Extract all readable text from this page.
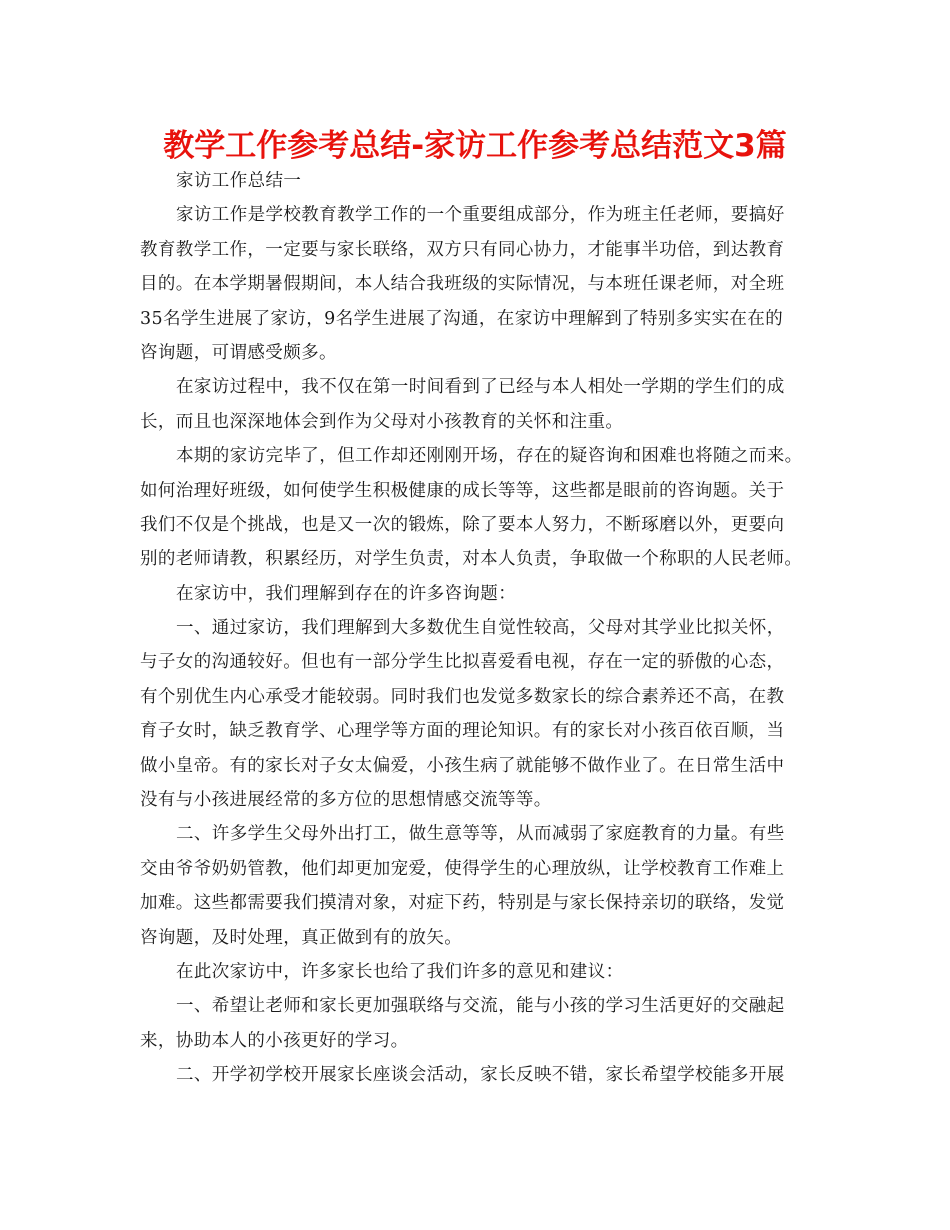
教学工作参考总结-家访工作参考总结范文3篇
家访工作总结一
家访工作是学校教育教学工作的一个重要组成部分，作为班主任老师，要搞好
教育教学工作，一定要与家长联络，双方只有同心协力，才能事半功倍，到达教育
目的。在本学期暑假期间，本人结合我班级的实际情况，与本班任课老师，对全班
35名学生进展了家访，9名学生进展了沟通，在家访中理解到了特别多实实在在的
咨询题，可谓感受颇多。
在家访过程中，我不仅在第一时间看到了已经与本人相处一学期的学生们的成
长，而且也深深地体会到作为父母对小孩教育的关怀和注重。
本期的家访完毕了，但工作却还刚刚开场，存在的疑咨询和困难也将随之而来。
如何治理好班级，如何使学生积极健康的成长等等，这些都是眼前的咨询题。关于
我们不仅是个挑战，也是又一次的锻炼，除了要本人努力，不断琢磨以外，更要向
别的老师请教，积累经历，对学生负责，对本人负责，争取做一个称职的人民老师。
在家访中，我们理解到存在的许多咨询题：
一、通过家访，我们理解到大多数优生自觉性较高，父母对其学业比拟关怀，
与子女的沟通较好。但也有一部分学生比拟喜爱看电视，存在一定的骄傲的心态，
有个别优生内心承受才能较弱。同时我们也发觉多数家长的综合素养还不高，在教
育子女时，缺乏教育学、心理学等方面的理论知识。有的家长对小孩百依百顺，当
做小皇帝。有的家长对子女太偏爱，小孩生病了就能够不做作业了。在日常生活中
没有与小孩进展经常的多方位的思想情感交流等等。
二、许多学生父母外出打工，做生意等等，从而减弱了家庭教育的力量。有些
交由爷爷奶奶管教，他们却更加宠爱，使得学生的心理放纵，让学校教育工作难上
加难。这些都需要我们摸清对象，对症下药，特别是与家长保持亲切的联络，发觉
咨询题，及时处理，真正做到有的放矢。
在此次家访中，许多家长也给了我们许多的意见和建议：
一、希望让老师和家长更加强联络与交流，能与小孩的学习生活更好的交融起
来，协助本人的小孩更好的学习。
二、开学初学校开展家长座谈会活动，家长反映不错，家长希望学校能多开展
